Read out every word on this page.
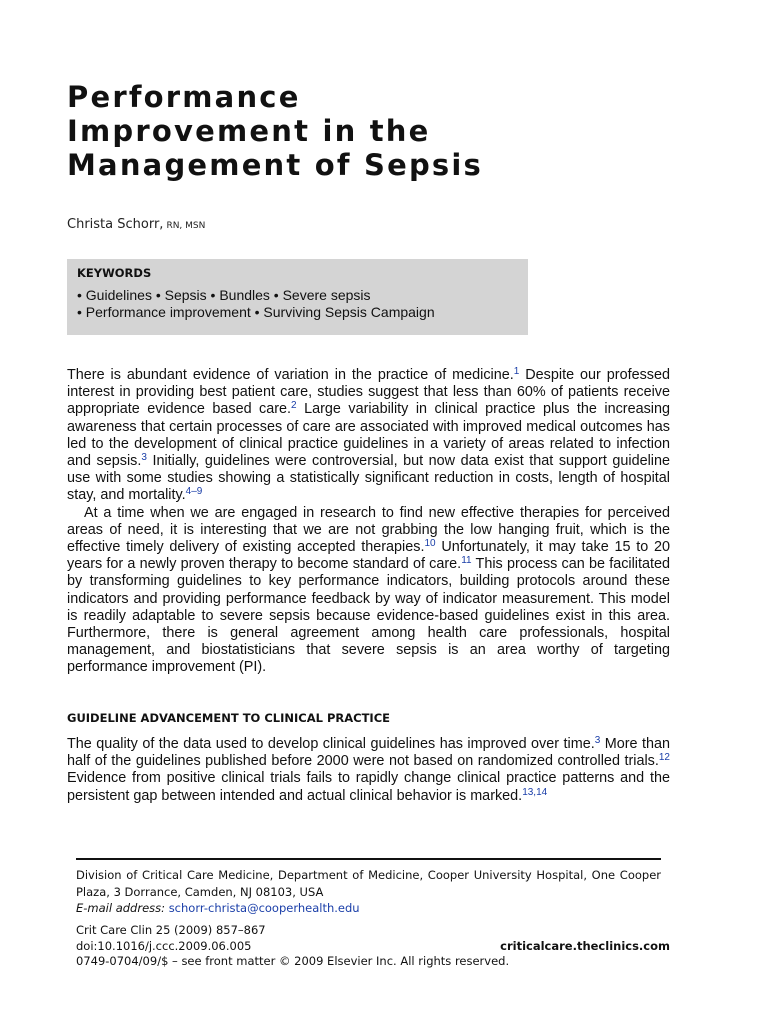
Performance
Improvement in the
Management of Sepsis
Christa Schorr, RN, MSN
KEYWORDS
• Guidelines • Sepsis • Bundles • Severe sepsis
• Performance improvement • Surviving Sepsis Campaign

There is abundant evidence of variation in the practice of medicine.$^1$ Despite our professed interest in providing best patient care, studies suggest that less than 60% of patients receive appropriate evidence based care.$^2$ Large variability in clinical practice plus the increasing awareness that certain processes of care are associated with improved medical outcomes has led to the development of clinical practice guidelines in a variety of areas related to infection and sepsis.$^3$ Initially, guidelines were controversial, but now data exist that support guideline use with some studies showing a statistically significant reduction in costs, length of hospital stay, and mortality.$^{4-9}$

At a time when we are engaged in research to find new effective therapies for perceived areas of need, it is interesting that we are not grabbing the low hanging fruit, which is the effective timely delivery of existing accepted therapies.$^{10}$ Unfortunately, it may take 15 to 20 years for a newly proven therapy to become standard of care.$^{11}$ This process can be facilitated by transforming guidelines to key performance indicators, building protocols around these indicators and providing performance feedback by way of indicator measurement. This model is readily adaptable to severe sepsis because evidence-based guidelines exist in this area. Furthermore, there is general agreement among health care professionals, hospital management, and biostatisticians that severe sepsis is an area worthy of targeting performance improvement (PI).

GUIDELINE ADVANCEMENT TO CLINICAL PRACTICE

The quality of the data used to develop clinical guidelines has improved over time.$^3$ More than half of the guidelines published before 2000 were not based on randomized controlled trials.$^{12}$ Evidence from positive clinical trials fails to rapidly change clinical practice patterns and the persistent gap between intended and actual clinical behavior is marked.$^{13,14}$

Division of Critical Care Medicine, Department of Medicine, Cooper University Hospital, One Cooper Plaza, 3 Dorrance, Camden, NJ 08103, USA
E-mail address: schorr-christa@cooperhealth.edu
Crit Care Clin 25 (2009) 857–867
doi:10.1016/j.ccc.2009.06.005
0749-0704/09/$ – see front matter © 2009 Elsevier Inc. All rights reserved.
criticalcare.theclinics.com
